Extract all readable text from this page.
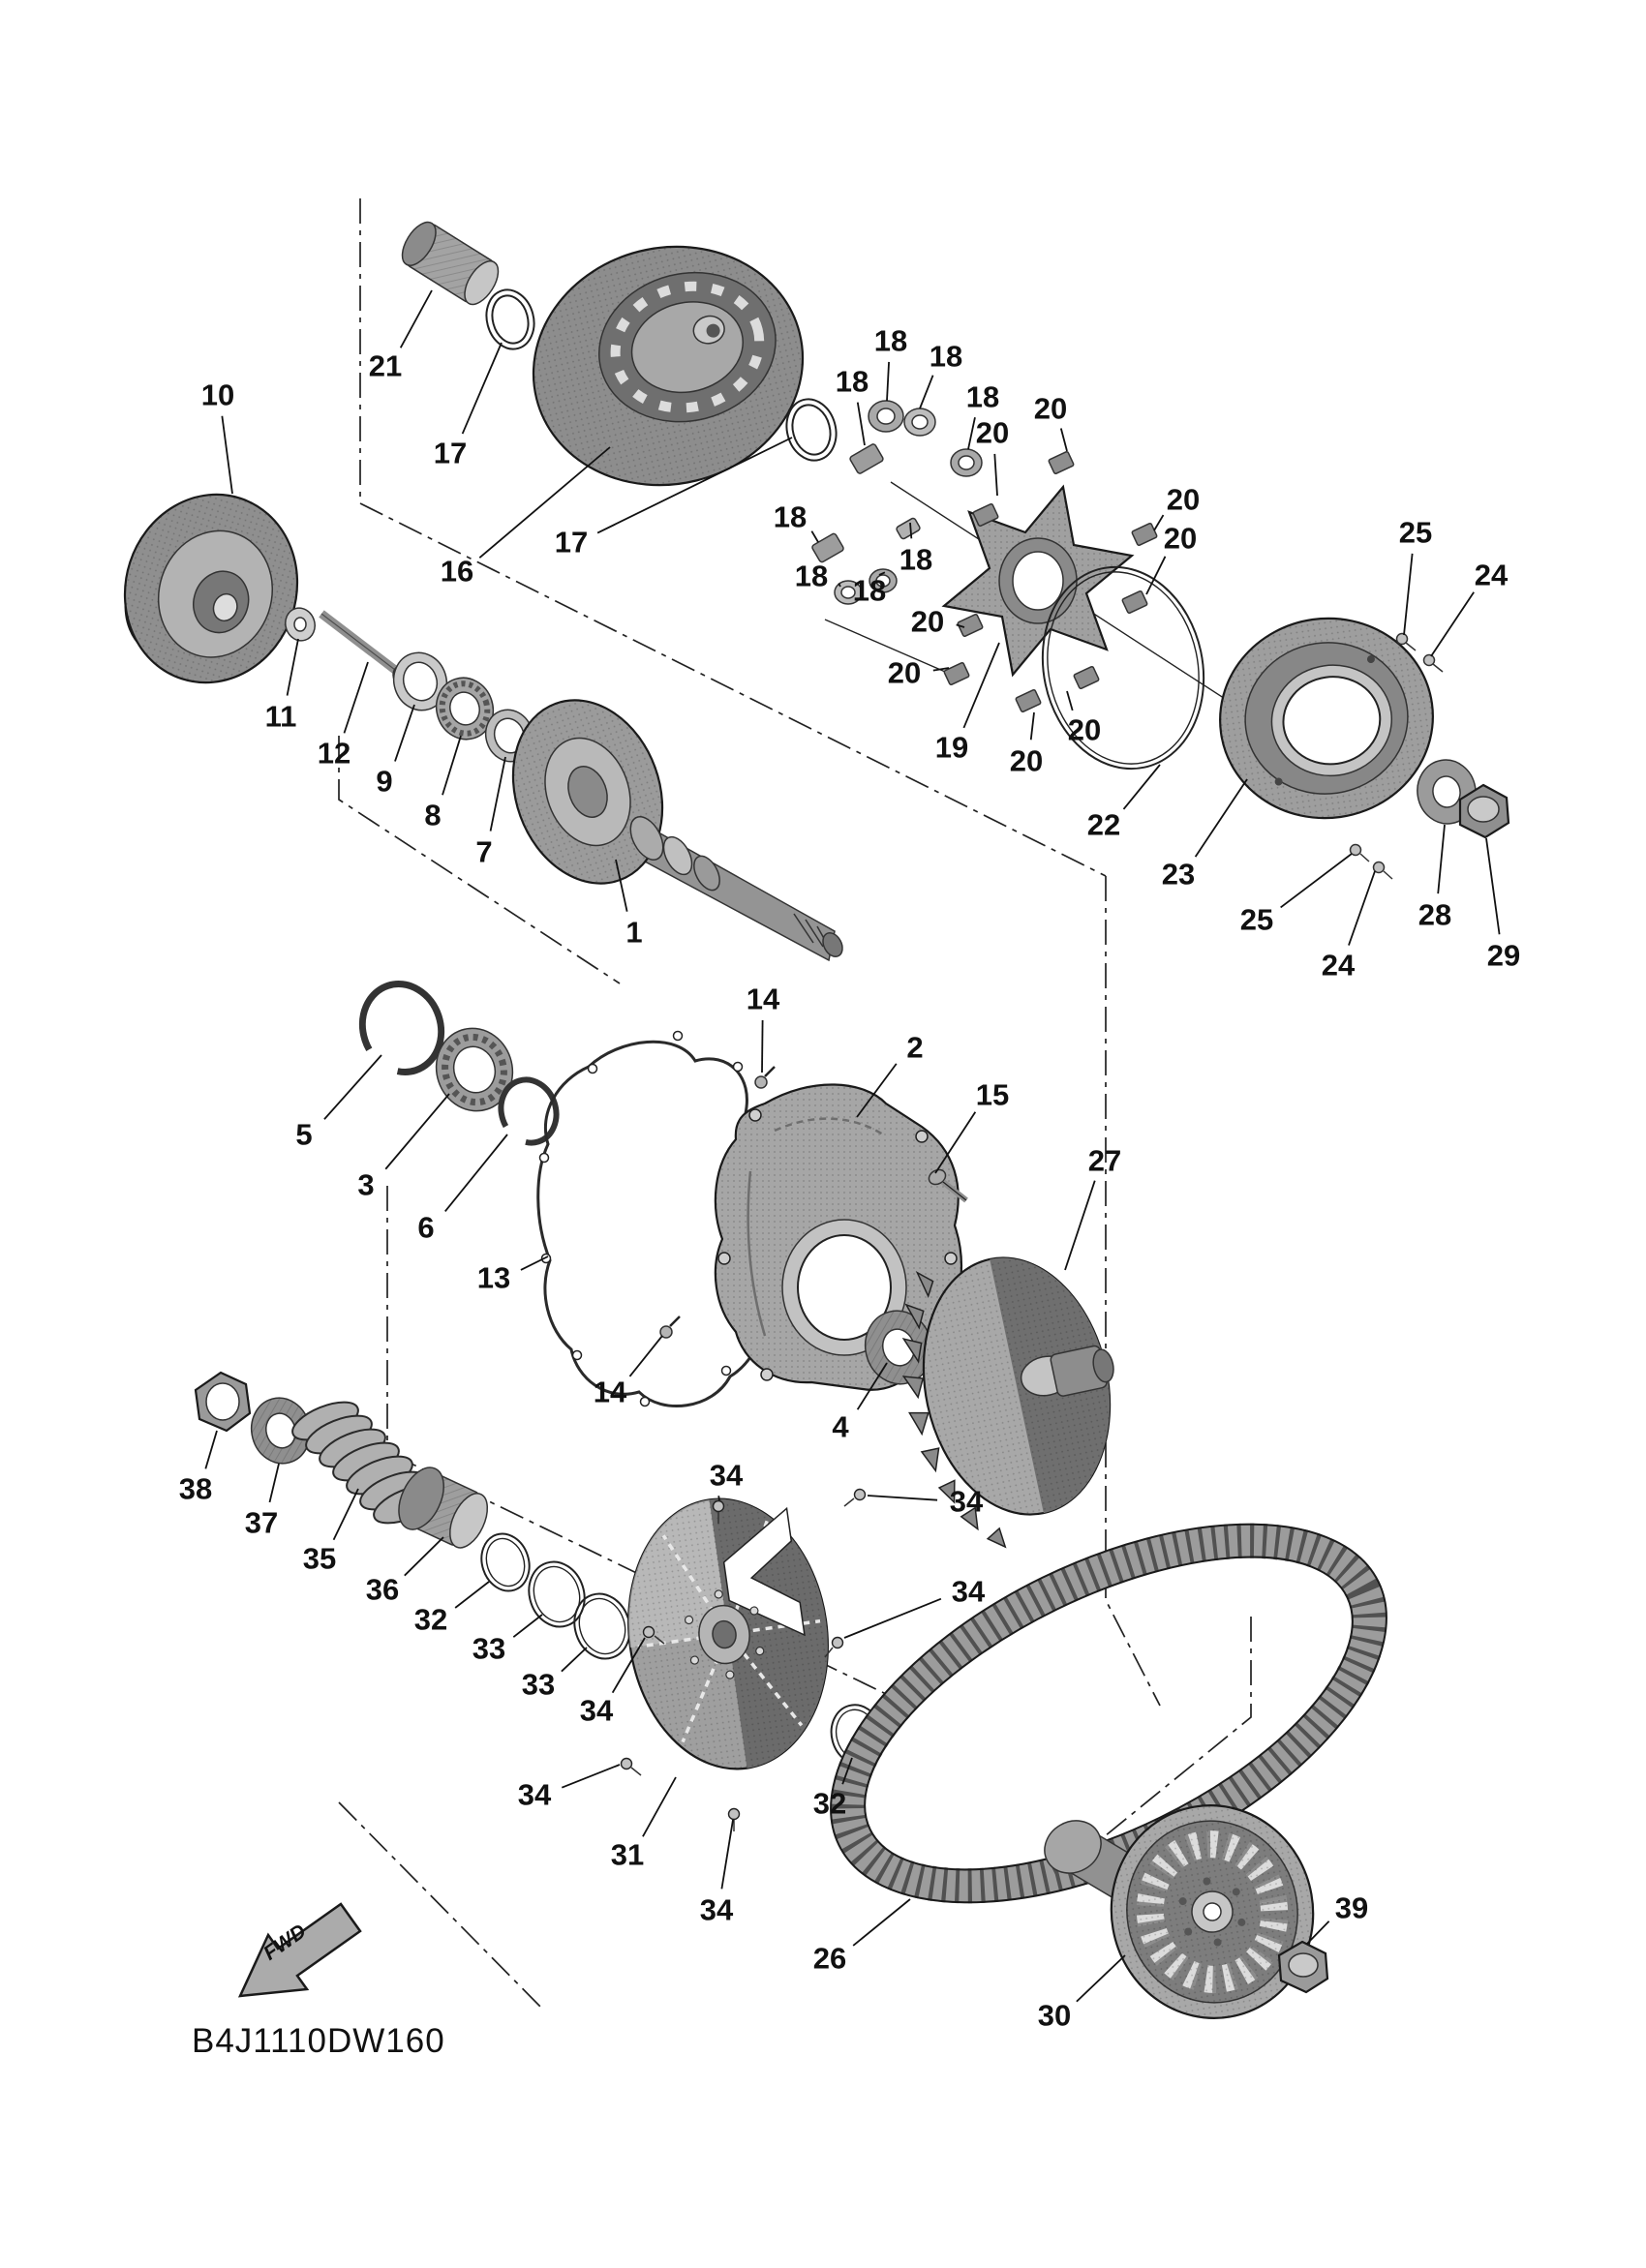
FWD
B4J1110DW160
10
21
17
16
17
18 18
18	18 20
20
20
20
18
18 18
18
20
20
19 20
20
22
23
25
24
25
24
28
29
11
12
9
8
7
1
5
3
6
13
14
2
15
27
14
4
38
37
35
36
32
33
33
34
34
34
34
34
31
34
32
26
30
39
